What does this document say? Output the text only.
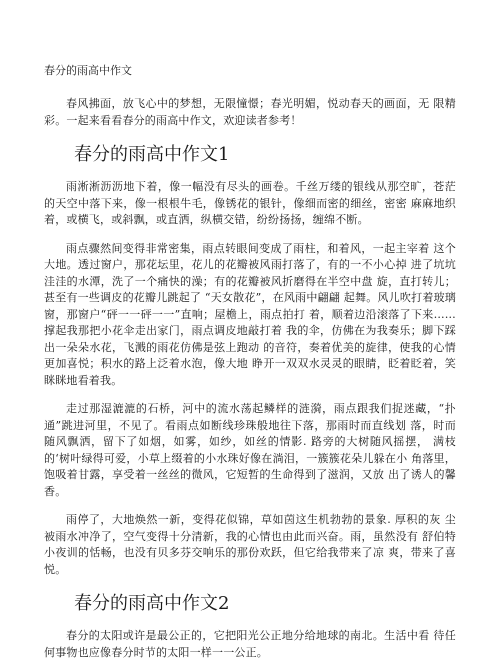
春分的雨高中作文

春风拂面，放飞心中的梦想，无限憧憬；春光明媚，悦动春天的画面，无 限精彩。一起来看看春分的雨高中作文，欢迎读者参考！

春分的雨高中作文1

雨淅淅沥沥地下着，像一幅没有尽头的画卷。千丝万缕的银线从那空旷，苍茫的天空中落下来，像一根根牛毛，像锈花的银针，像细而密的细丝，密密 麻麻地织着，或横飞，或斜飘，或直洒，纵横交错，纷纷扬扬，缠绵不断。

雨点骤然间变得非常密集，雨点转眼间变成了雨柱，和着风，一起主宰着 这个大地。透过窗户，那花坛里，花儿的花瓣被风雨打落了，有的一不小心掉 进了坑坑洼洼的水潭，洗了一个痛快的澡；有的花瓣被风折磨得在半空中盘 旋，直打转儿；甚至有一些调皮的花瓣儿跳起了 “天女散花”，在风雨中翩翩 起舞。风儿吹打着玻璃窗，那窗户“砰一一砰一一”直响；屋檐上，雨点拍打 着，顺着边沿滚落了下来……撑起我那把小花伞走出家门，雨点调皮地敲打着 我的伞，仿佛在为我奏乐；脚下踩出一朵朵水花，飞溅的雨花仿佛是弦上跑动 的音符，奏着优美的旋律，使我的心情更加喜悦；积水的路上泛着水泡，像大地 睁开一双双水灵灵的眼睛，眨着眨着，笑眯眯地看着我。

走过那湿漉漉的石桥，河中的流水荡起鳞样的涟漪，雨点跟我们捉迷藏，“扑通”跳进河里，不见了。看雨点如断线珍珠般地往下落，那雨时而直线划 落，时而随风飘洒，留下了如烟，如雾，如纱，如丝的情影. 路旁的大树随风摇摆， 满枝的‘树叶绿得可爱，小草上缀着的小水珠好像在淌泪，一簇簇花朵儿躲在小 角落里，饱吸着甘露，享受着一丝丝的微风，它短暂的生命得到了滋润，又放 出了诱人的馨香。

雨停了，大地焕然一新，变得花似锦，草如茵这生机勃勃的景象. 厚积的灰 尘被雨水冲净了，空气变得十分清新，我的心情也由此而兴奋。雨，虽然没有 舒伯特小夜训的恬畅，也没有贝多芬交响乐的那份欢跃，但它给我带来了凉 爽，带来了喜悦。

春分的雨高中作文2

春分的太阳或许是最公正的，它把阳光公正地分给地球的南北。生活中看 待任何事物也应像春分时节的太阳一样一一公正。
